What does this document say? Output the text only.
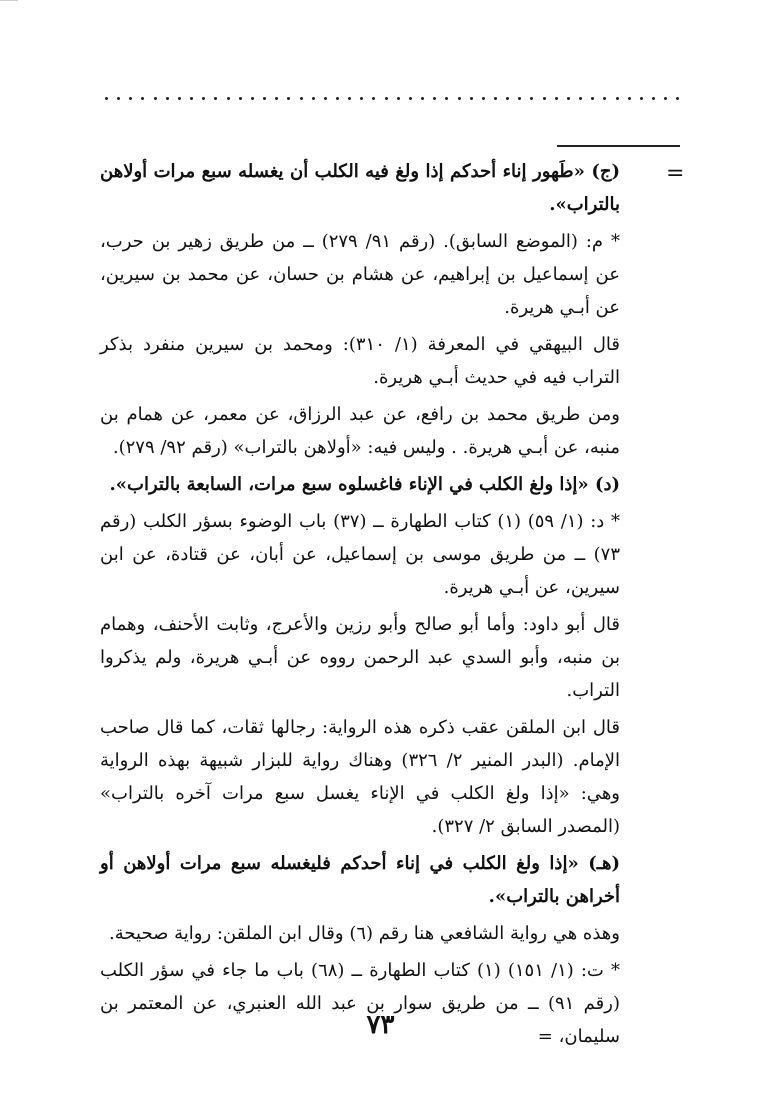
=

(ج) «طَهور إناء أحدكم إذا ولغ فيه الكلب أن يغسله سبع مرات أولاهن بالتراب».

* م: (الموضع السابق). (رقم ٩١/ ٢٧٩) ــ من طريق زهير بن حرب، عن إسماعيل بن إبراهيم، عن هشام بن حسان، عن محمد بن سيرين، عن أبـي هريرة.

قال البيهقي في المعرفة (١/ ٣١٠): ومحمد بن سيرين منفرد بذكر التراب فيه في حديث أبـي هريرة.

ومن طريق محمد بن رافع، عن عبد الرزاق، عن معمر، عن همام بن منبه، عن أبـي هريرة. . وليس فيه: «أولاهن بالتراب» (رقم ٩٢/ ٢٧٩).

(د) «إذا ولغ الكلب في الإناء فاغسلوه سبع مرات، السابعة بالتراب».

* د: (١/ ٥٩) (١) كتاب الطهارة ــ (٣٧) باب الوضوء بسؤر الكلب (رقم ٧٣) ــ من طريق موسى بن إسماعيل، عن أبان، عن قتادة، عن ابن سيرين، عن أبـي هريرة.

قال أبو داود: وأما أبو صالح وأبو رزين والأعرج، وثابت الأحنف، وهمام بن منبه، وأبو السدي عبد الرحمن رووه عن أبـي هريرة، ولم يذكروا التراب.

قال ابن الملقن عقب ذكره هذه الرواية: رجالها ثقات، كما قال صاحب الإمام. (البدر المنير ٢/ ٣٢٦) وهناك رواية للبزار شبيهة بهذه الرواية وهي: «إذا ولغ الكلب في الإناء يغسل سبع مرات آخره بالتراب» (المصدر السابق ٢/ ٣٢٧).

(هـ) «إذا ولغ الكلب في إناء أحدكم فليغسله سبع مرات أولاهن أو أخراهن بالتراب».

وهذه هي رواية الشافعي هنا رقم (٦) وقال ابن الملقن: رواية صحيحة.

* ت: (١/ ١٥١) (١) كتاب الطهارة ــ (٦٨) باب ما جاء في سؤر الكلب (رقم ٩١) ــ من طريق سوار بن عبد الله العنبري، عن المعتمر بن سليمان، =

٧٣
